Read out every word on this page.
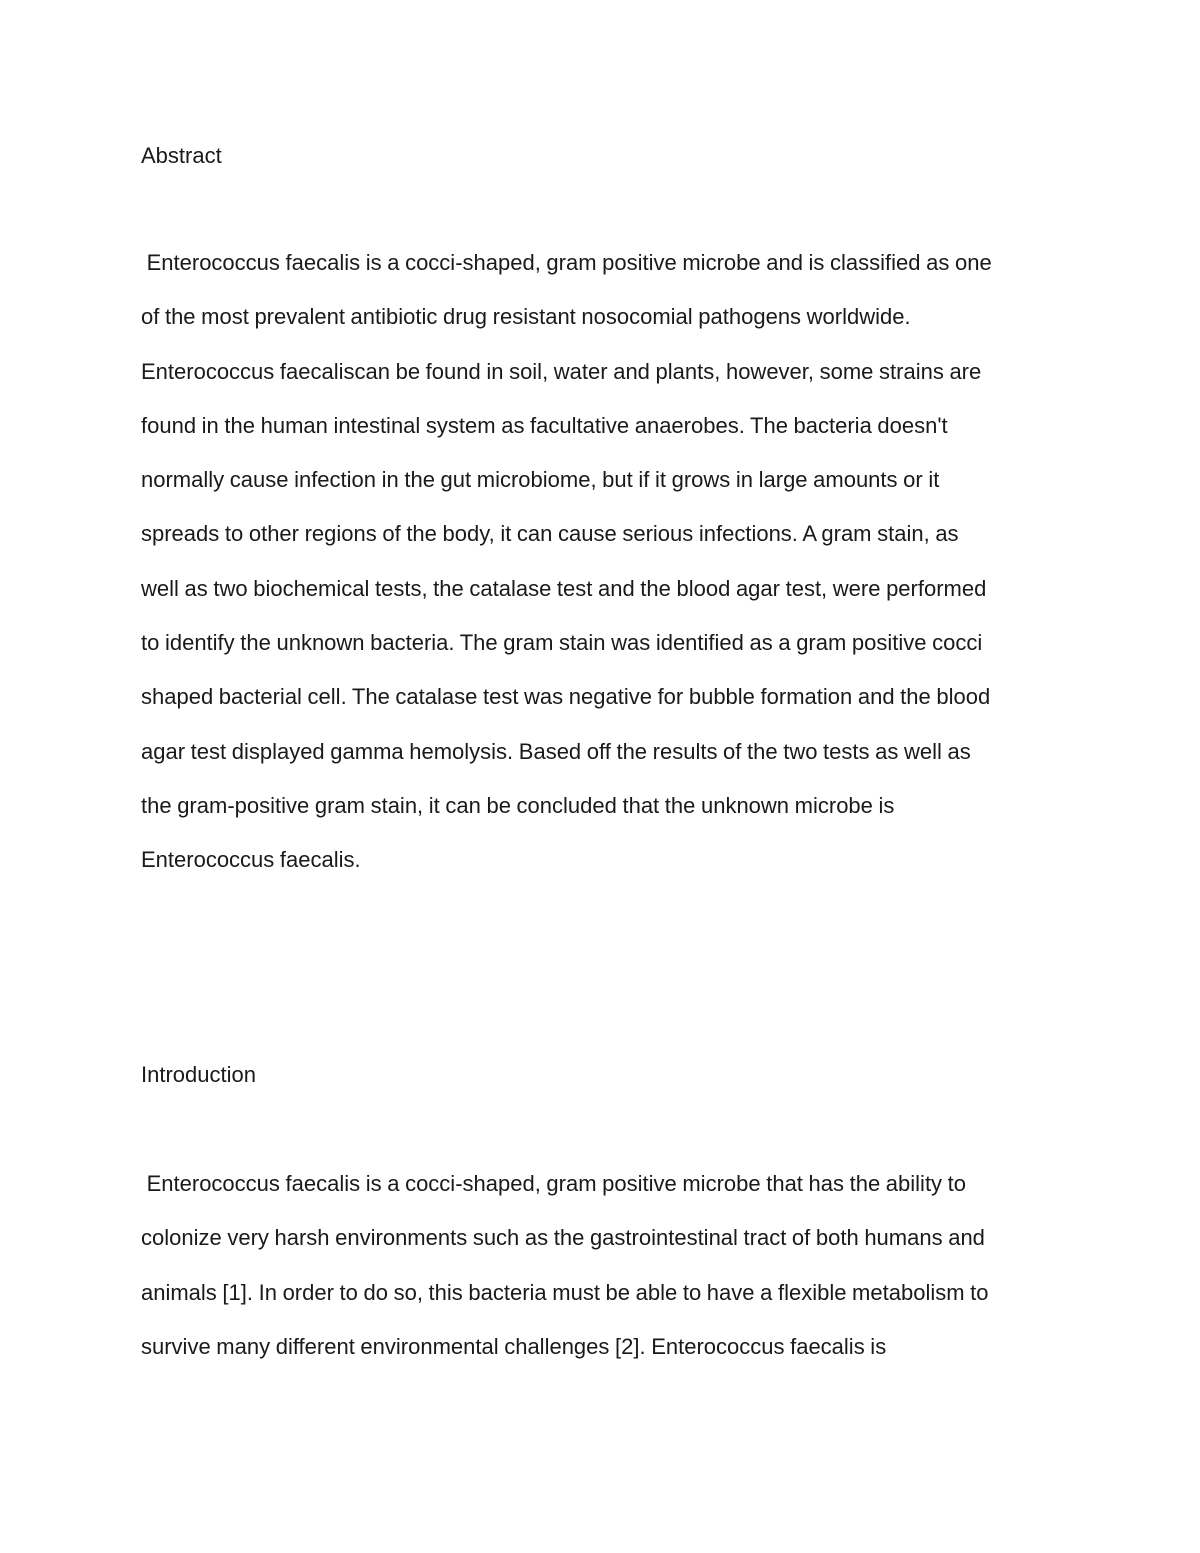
Abstract
Enterococcus faecalis is a cocci-shaped, gram positive microbe and is classified as one
of the most prevalent antibiotic drug resistant nosocomial pathogens worldwide.
Enterococcus faecaliscan be found in soil, water and plants, however, some strains are
found in the human intestinal system as facultative anaerobes. The bacteria doesn't
normally cause infection in the gut microbiome, but if it grows in large amounts or it
spreads to other regions of the body, it can cause serious infections. A gram stain, as
well as two biochemical tests, the catalase test and the blood agar test, were performed
to identify the unknown bacteria. The gram stain was identified as a gram positive cocci
shaped bacterial cell. The catalase test was negative for bubble formation and the blood
agar test displayed gamma hemolysis. Based off the results of the two tests as well as
the gram-positive gram stain, it can be concluded that the unknown microbe is
Enterococcus faecalis.
Introduction
Enterococcus faecalis is a cocci-shaped, gram positive microbe that has the ability to
colonize very harsh environments such as the gastrointestinal tract of both humans and
animals [1]. In order to do so, this bacteria must be able to have a flexible metabolism to
survive many different environmental challenges [2]. Enterococcus faecalis is
